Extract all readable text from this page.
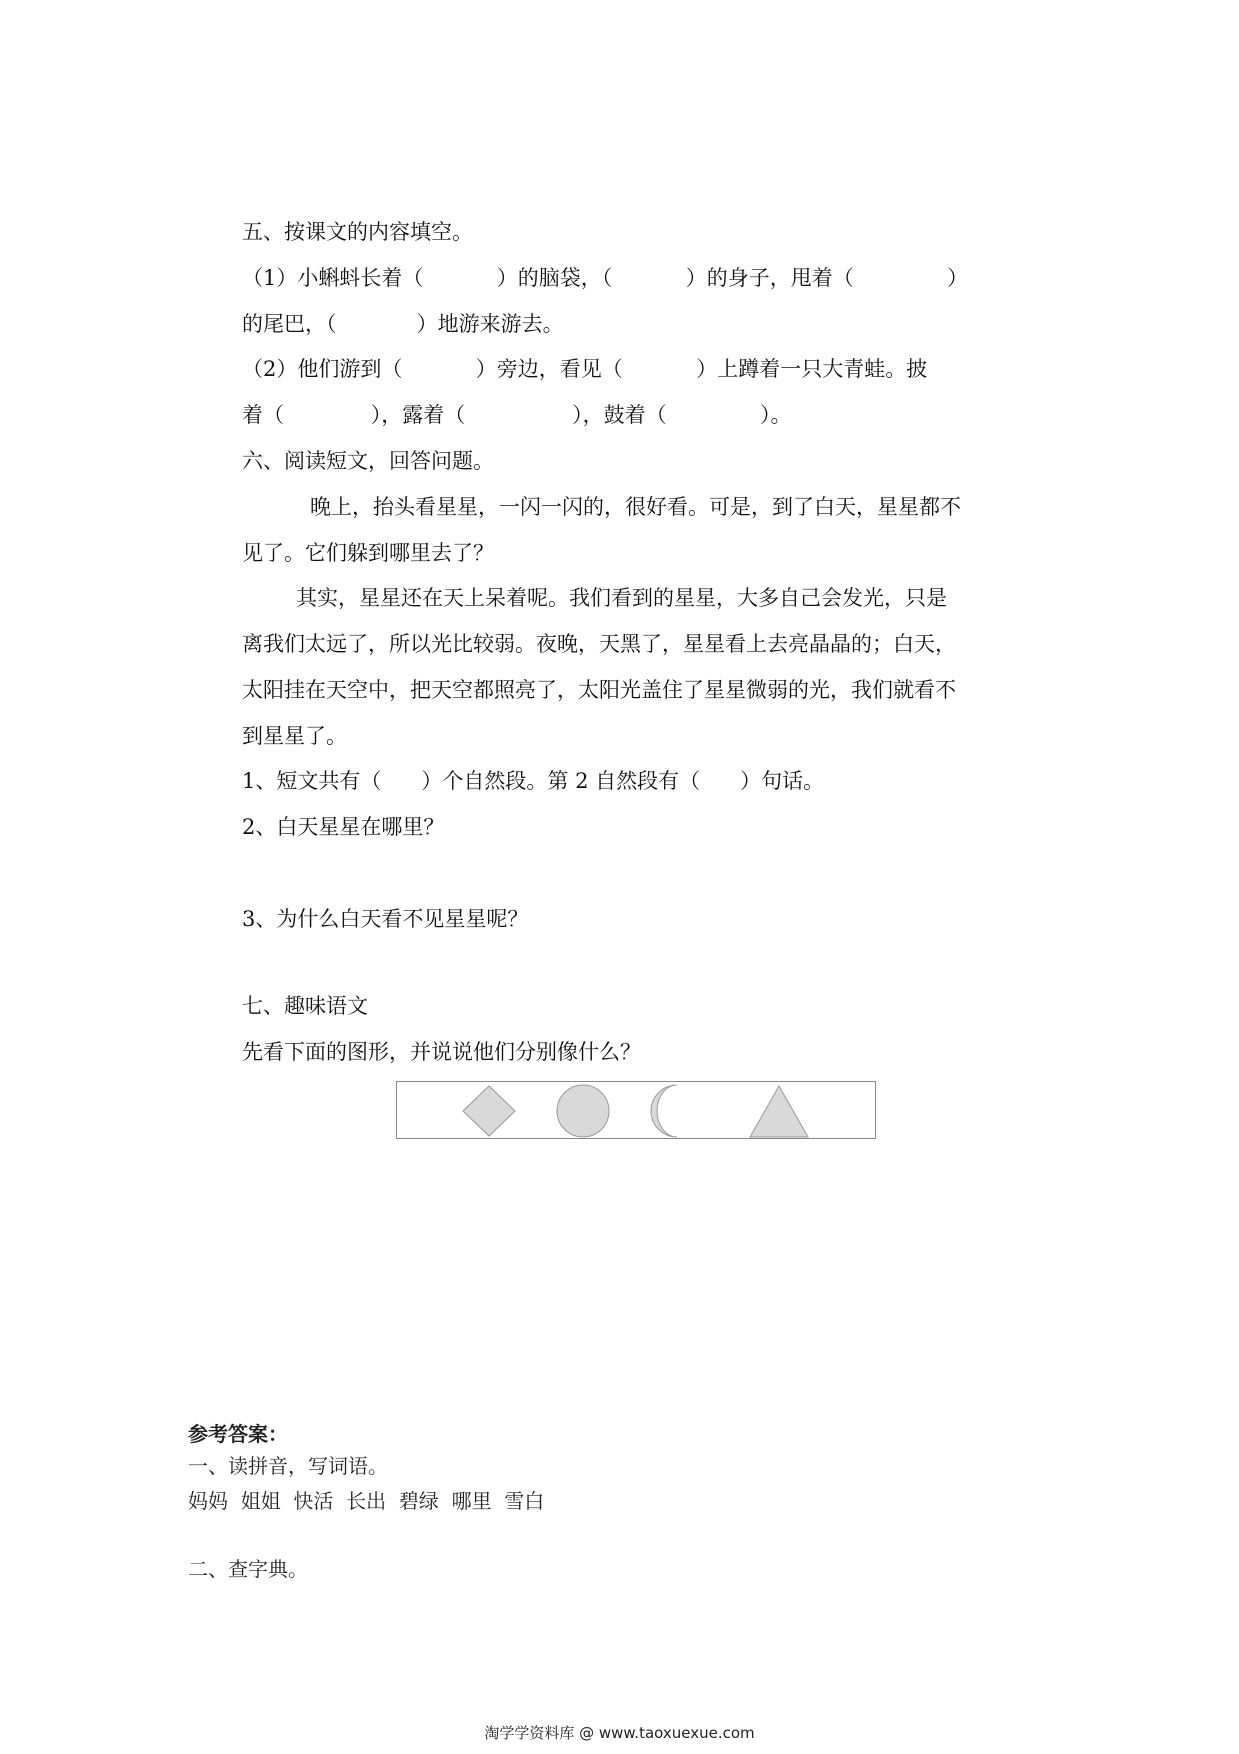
五、按课文的内容填空。
（1）小蝌蚪长着（           ）的脑袋，（           ）的身子，甩着（              ）
的尾巴，（            ）地游来游去。
（2）他们游到（           ）旁边，看见（           ）上蹲着一只大青蛙。披
着（             ），露着（                ），鼓着（              ）。
六、阅读短文，回答问题。
晚上，抬头看星星，一闪一闪的，很好看。可是，到了白天，星星都不
见了。它们躲到哪里去了？
其实，星星还在天上呆着呢。我们看到的星星，大多自己会发光，只是
离我们太远了，所以光比较弱。夜晚，天黑了，星星看上去亮晶晶的；白天，
太阳挂在天空中，把天空都照亮了，太阳光盖住了星星微弱的光，我们就看不
到星星了。
1、短文共有（      ）个自然段。第 2 自然段有（      ）句话。
2、白天星星在哪里？
3、为什么白天看不见星星呢？
七、趣味语文
先看下面的图形，并说说他们分别像什么？
参考答案：
一、读拼音，写词语。
妈妈  姐姐  快活  长出  碧绿  哪里  雪白
二、查字典。
淘学学资料库 @ www.taoxuexue.com
